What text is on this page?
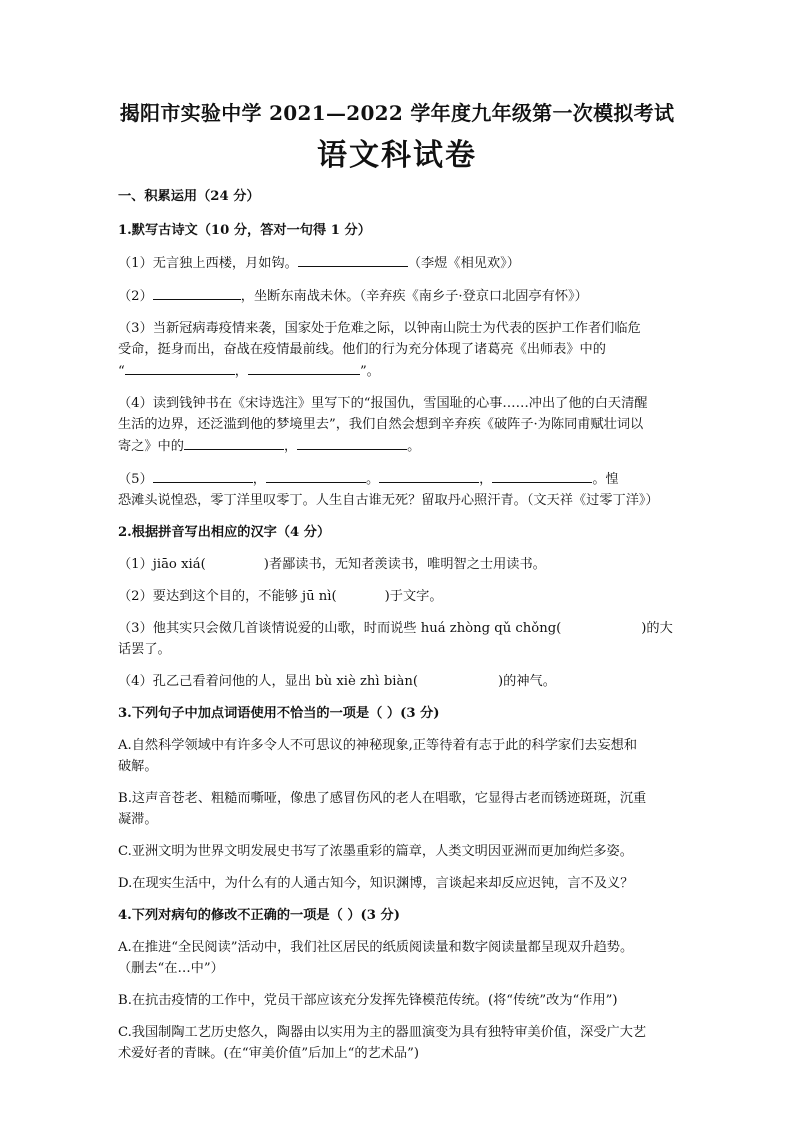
揭阳市实验中学 2021—2022 学年度九年级第一次模拟考试
语文科试卷
一、积累运用（24 分）
1.默写古诗文（10 分，答对一句得 1 分）
（1）无言独上西楼，月如钩。	（李煜《相见欢》）
（2）	，坐断东南战未休。（辛弃疾《南乡子·登京口北固亭有怀》）
（3）当新冠病毒疫情来袭，国家处于危难之际，以钟南山院士为代表的医护工作者们临危
受命，挺身而出，奋战在疫情最前线。他们的行为充分体现了诸葛亮《出师表》中的
“	，	”。
（4）读到钱钟书在《宋诗选注》里写下的“报国仇，雪国耻的心事……冲出了他的白天清醒
生活的边界，还泛滥到他的梦境里去”，我们自然会想到辛弃疾《破阵子·为陈同甫赋壮词以
寄之》中的	，	。
（5）	，	。	，	。惶
恐滩头说惶恐，零丁洋里叹零丁。人生自古谁无死？留取丹心照汗青。（文天祥《过零丁洋》）
2.根据拼音写出相应的汉字（4 分）
（1）jiāo xiá(	)者鄙读书，无知者羡读书，唯明智之士用读书。
（2）要达到这个目的，不能够 jū nì(	)于文字。
（3）他其实只会傚几首谈情说爱的山歌，时而说些 huá zhòng qǔ chǒng(	)的大
话罢了。
（4）孔乙己看着问他的人，显出 bù xiè zhì biàn(	)的神气。
3.下列句子中加点词语使用不恰当的一项是（ ）(3 分)
A.自然科学领域中有许多令人不可思议的神秘现象,正等待着有志于此的科学家们去妄想和
破解。
B.这声音苍老、粗糙而嘶哑，像患了感冒伤风的老人在唱歌，它显得古老而锈迹斑斑，沉重
凝滞。
C.亚洲文明为世界文明发展史书写了浓墨重彩的篇章，人类文明因亚洲而更加绚烂多姿。
D.在现实生活中，为什么有的人通古知今，知识渊博，言谈起来却反应迟钝，言不及义？
4.下列对病句的修改不正确的一项是（ ）(3 分)
A.在推进“全民阅读”活动中，我们社区居民的纸质阅读量和数字阅读量都呈现双升趋势。
（删去“在…中”）
B.在抗击疫情的工作中，党员干部应该充分发挥先锋模范传统。(将“传统”改为“作用”)
C.我国制陶工艺历史悠久，陶器由以实用为主的器皿演变为具有独特审美价值，深受广大艺
术爱好者的青睐。(在“审美价值”后加上“的艺术品”)
